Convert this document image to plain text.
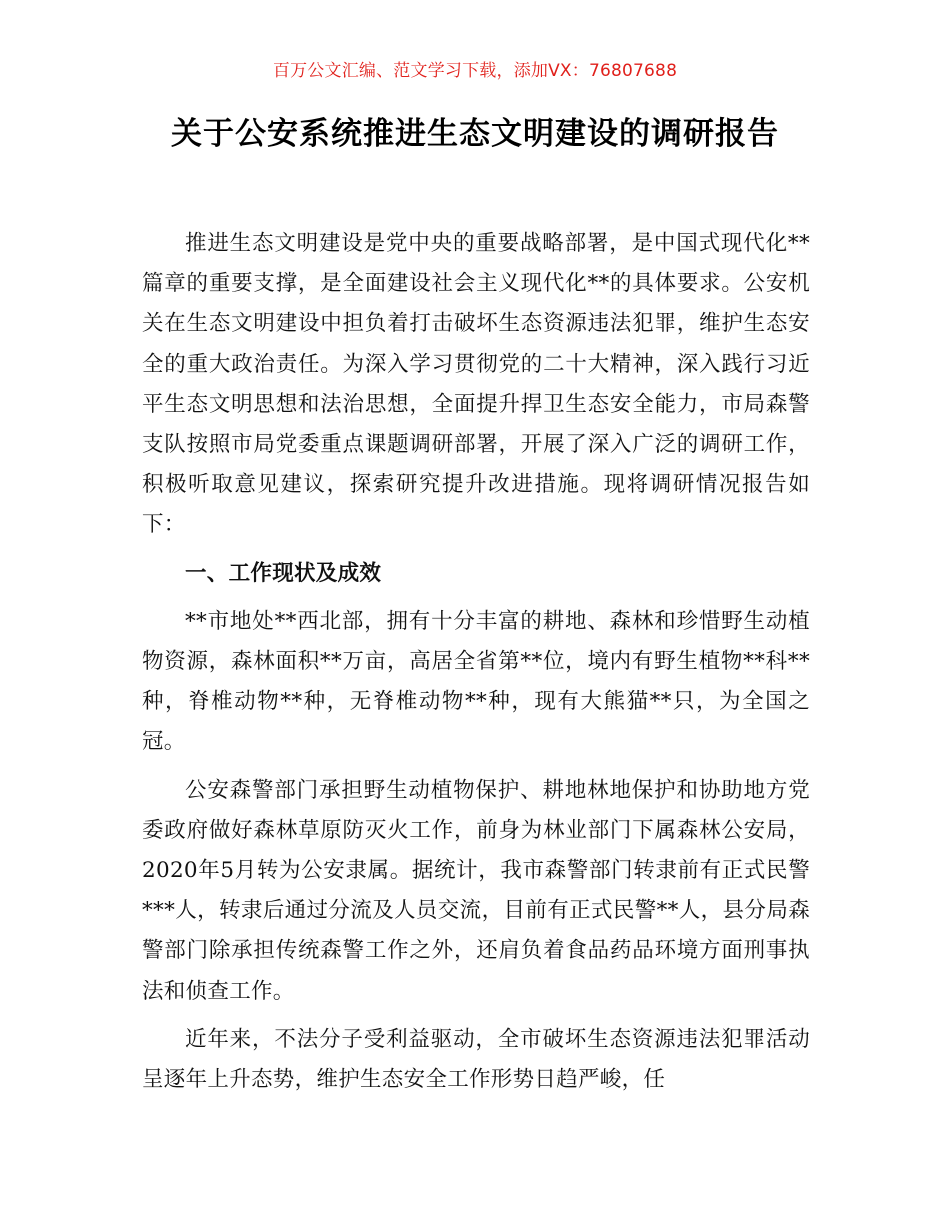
百万公文汇编、范文学习下载，添加VX：76807688
关于公安系统推进生态文明建设的调研报告

推进生态文明建设是党中央的重要战略部署，是中国式现代化**篇章的重要支撑，是全面建设社会主义现代化**的具体要求。公安机关在生态文明建设中担负着打击破坏生态资源违法犯罪，维护生态安全的重大政治责任。为深入学习贯彻党的二十大精神，深入践行习近平生态文明思想和法治思想，全面提升捍卫生态安全能力，市局森警支队按照市局党委重点课题调研部署，开展了深入广泛的调研工作，积极听取意见建议，探索研究提升改进措施。现将调研情况报告如下：

一、工作现状及成效

**市地处**西北部，拥有十分丰富的耕地、森林和珍惜野生动植物资源，森林面积**万亩，高居全省第**位，境内有野生植物**科**种，脊椎动物**种，无脊椎动物**种，现有大熊猫**只，为全国之冠。

公安森警部门承担野生动植物保护、耕地林地保护和协助地方党委政府做好森林草原防灭火工作，前身为林业部门下属森林公安局，2020年5月转为公安隶属。据统计，我市森警部门转隶前有正式民警***人，转隶后通过分流及人员交流，目前有正式民警**人，县分局森警部门除承担传统森警工作之外，还肩负着食品药品环境方面刑事执法和侦查工作。

近年来，不法分子受利益驱动，全市破坏生态资源违法犯罪活动呈逐年上升态势，维护生态安全工作形势日趋严峻，任
